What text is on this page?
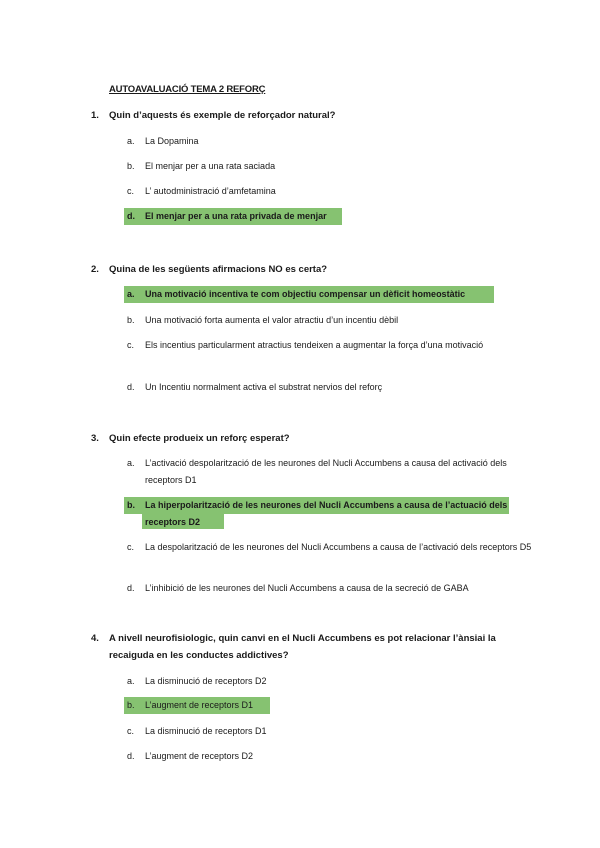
AUTOAVALUACIÓ TEMA 2 REFORÇ
1.	Quin d’aquests és exemple de reforçador natural?
a.	La Dopamina
b.	El menjar per a una rata saciada
c.	L’ autodministració d’amfetamina
d.	El menjar per a una rata privada de menjar
2.	Quina de les següents afirmacions NO es certa?
a.	Una motivació incentiva te com objectiu compensar un dèficit homeostàtic
b.	Una motivació forta aumenta el valor atractiu d’un incentiu dèbil
c.	Els incentius particularment atractius tendeixen a augmentar la força d’una motivació
d.	Un Incentiu normalment activa el substrat nervios del reforç
3.	Quin efecte produeix un reforç esperat?
a.	L’activació despolarització de les neurones del Nucli Accumbens a causa del activació dels receptors D1
b.	La hiperpolarització de les neurones del Nucli Accumbens a causa de l’actuació dels receptors D2
c.	La despolarització de les neurones del Nucli Accumbens a causa de l’activació dels receptors D5
d.	L’inhibició de les neurones del Nucli Accumbens a causa de la secreció de GABA
4.	A nivell neurofisiologic, quin canvi en el Nucli Accumbens es pot relacionar l’ànsiai la recaiguda en les conductes addictives?
a.	La disminució de receptors D2
b.	L’augment de receptors D1
c.	La disminució de receptors D1
d.	L’augment de receptors D2
